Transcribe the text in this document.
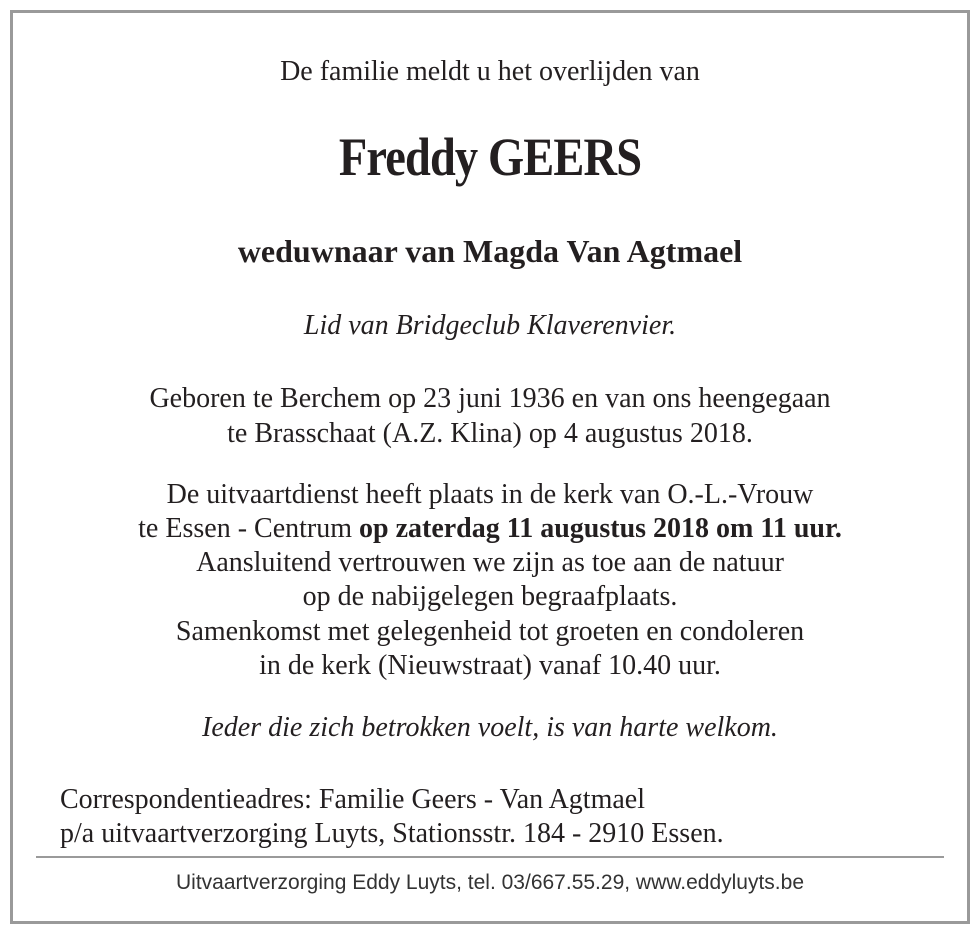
De familie meldt u het overlijden van
Freddy GEERS
weduwnaar van Magda Van Agtmael
Lid van Bridgeclub Klaverenvier.
Geboren te Berchem op 23 juni 1936 en van ons heengegaan
te Brasschaat (A.Z. Klina) op 4 augustus 2018.
De uitvaartdienst heeft plaats in de kerk van O.-L.-Vrouw
te Essen - Centrum op zaterdag 11 augustus 2018 om 11 uur.
Aansluitend vertrouwen we zijn as toe aan de natuur
op de nabijgelegen begraafplaats.
Samenkomst met gelegenheid tot groeten en condoleren
in de kerk (Nieuwstraat) vanaf 10.40 uur.
Ieder die zich betrokken voelt, is van harte welkom.
Correspondentieadres: Familie Geers - Van Agtmael
p/a uitvaartverzorging Luyts, Stationsstr. 184 - 2910 Essen.
Uitvaartverzorging Eddy Luyts, tel. 03/667.55.29, www.eddyluyts.be
